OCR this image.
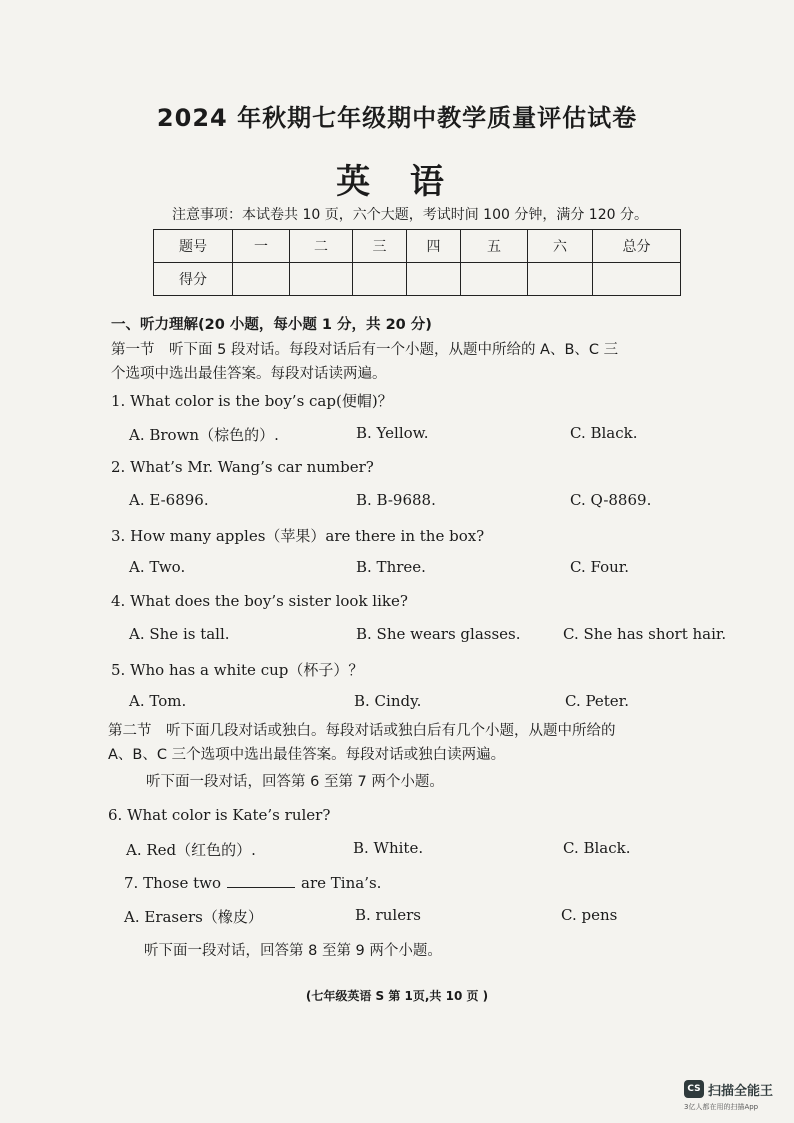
2024 年秋期七年级期中教学质量评估试卷
英 语
注意事项：本试卷共 10 页，六个大题，考试时间 100 分钟，满分 120 分。
题号	一	二	三	四	五	六	总分
得分							
一、听力理解(20 小题，每小题 1 分，共 20 分)
第一节　听下面 5 段对话。每段对话后有一个小题，从题中所给的 A、B、C 三
个选项中选出最佳答案。每段对话读两遍。
1. What color is the boy’s cap(便帽)？
A. Brown（棕色的）.	B. Yellow.	C. Black.
2. What’s Mr. Wang’s car number?
A. E-6896.	B. B-9688.	C. Q-8869.
3. How many apples（苹果）are there in the box?
A. Two.	B. Three.	C. Four.
4. What does the boy’s sister look like?
A. She is tall.	B. She wears glasses.	C. She has short hair.
5. Who has a white cup（杯子）？
A. Tom.	B. Cindy.	C. Peter.
第二节　听下面几段对话或独白。每段对话或独白后有几个小题，从题中所给的
A、B、C 三个选项中选出最佳答案。每段对话或独白读两遍。
听下面一段对话，回答第 6 至第 7 两个小题。
6. What color is Kate’s ruler?
A. Red（红色的）.	B. White.	C. Black.
7. Those two	are Tina’s.
A. Erasers（橡皮）	B. rulers	C. pens
听下面一段对话，回答第 8 至第 9 两个小题。
(七年级英语 S 第 1页,共 10 页 )
CS 扫描全能王
3亿人都在用的扫描App
